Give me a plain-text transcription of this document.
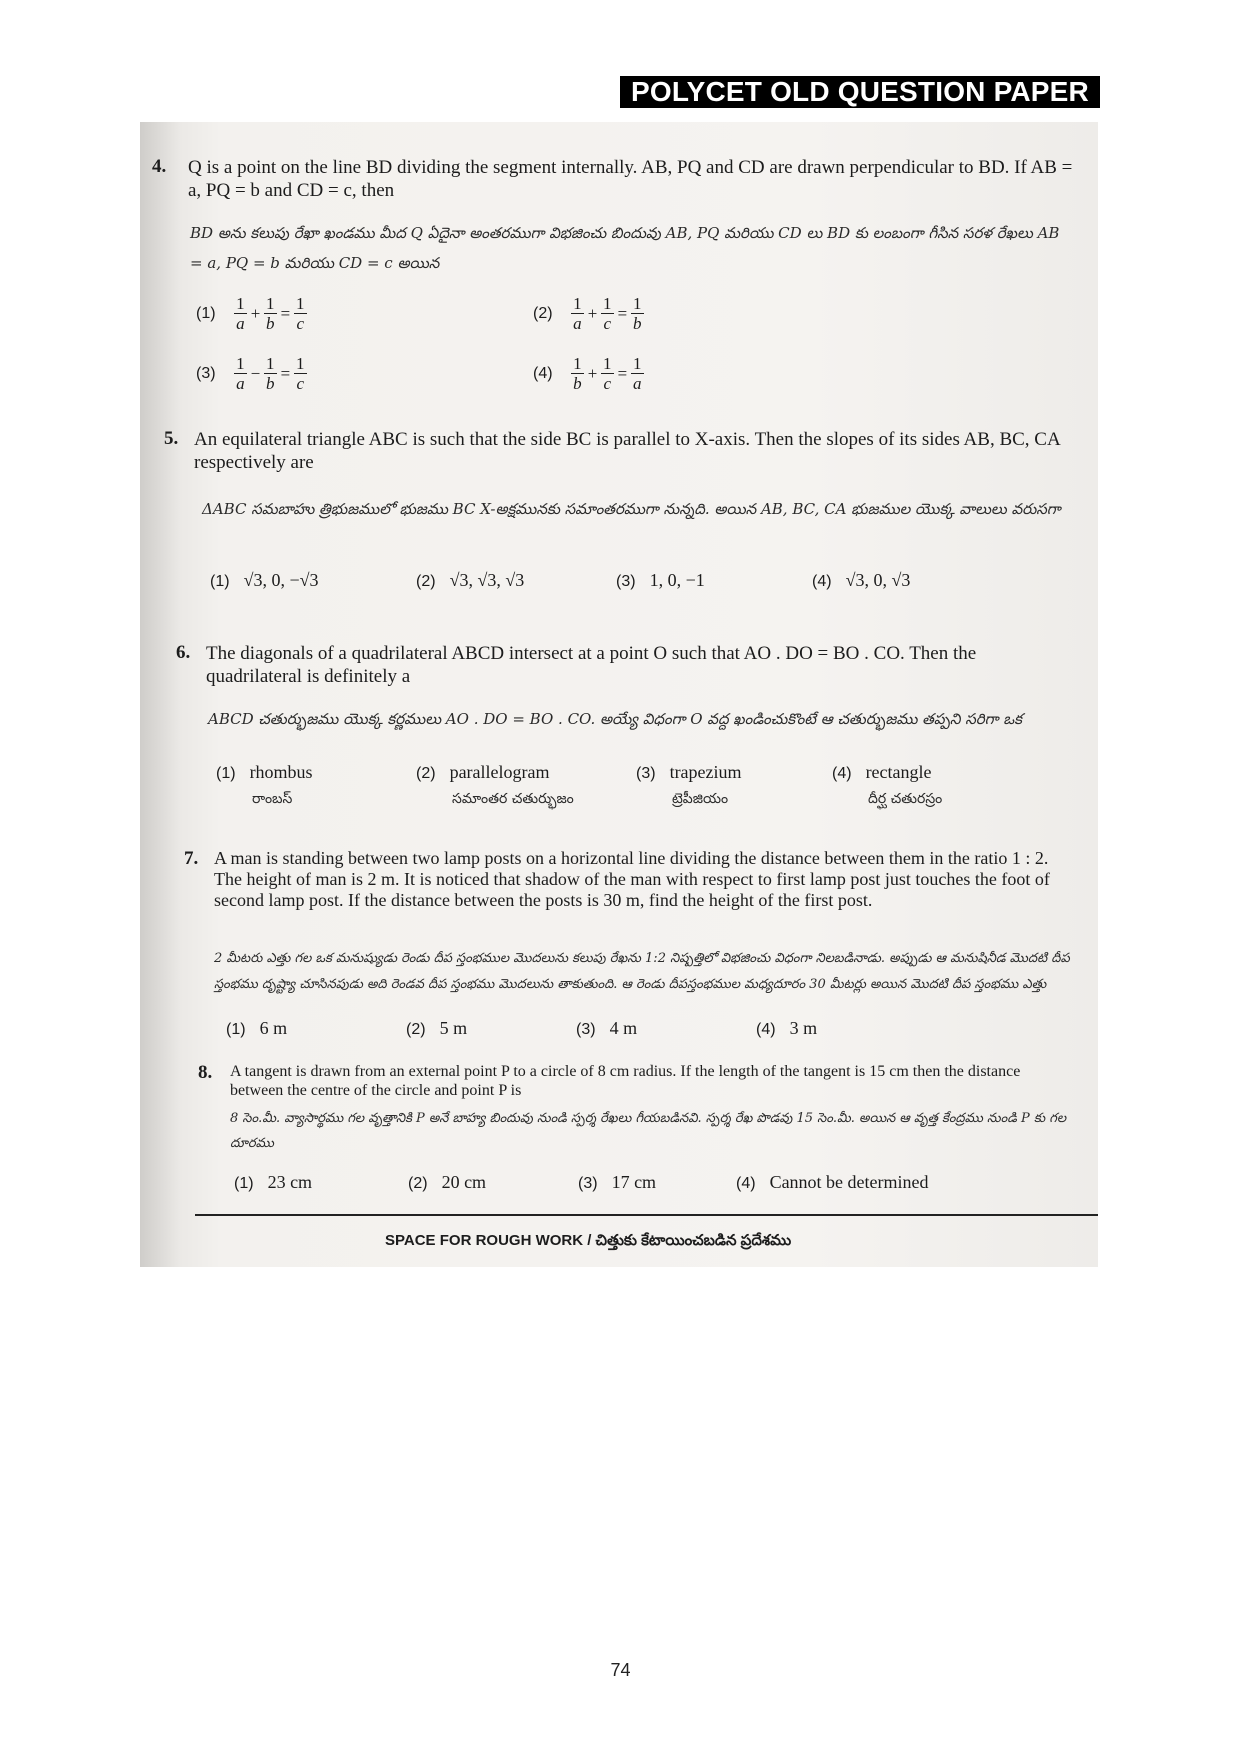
POLYCET OLD QUESTION PAPER
4. Q is a point on the line BD dividing the segment internally. AB, PQ and CD are drawn perpendicular to BD. If AB = a, PQ = b and CD = c, then
BD అను కలుపు రేఖా ఖండము మీద Q ఏదైనా అంతరముగా విభజించు బిందువు AB, PQ మరియు CD లు BD కు లంబంగా గీసిన సరళ రేఖలు AB = a, PQ = b మరియు CD = c అయిన
(1)
1
a
+ $\frac{1}{b} = \frac{1}{c}$	(2)
1
a
+ $\frac{1}{c} = \frac{1}{b}$
(3)
1
a
− $\frac{1}{b} = \frac{1}{c}$	(4)
1
b
+ $\frac{1}{c} = \frac{1}{a}$
5. An equilateral triangle ABC is such that the side BC is parallel to X-axis. Then the slopes of its sides AB, BC, CA respectively are
ΔABC సమబాహు త్రిభుజములో భుజము BC X-అక్షమునకు సమాంతరముగా నున్నది. అయిన AB, BC, CA భుజముల యొక్క వాలులు వరుసగా
(1) √3, 0, −√3	(2) √3, √3, √3	(3) 1, 0, −1	(4) √3, 0, √3
6. The diagonals of a quadrilateral ABCD intersect at a point O such that AO . DO = BO . CO. Then the quadrilateral is definitely a
ABCD చతుర్భుజము యొక్క కర్ణములు AO . DO = BO . CO. అయ్యే విధంగా O వద్ద ఖండించుకొంటే ఆ చతుర్భుజము తప్పని సరిగా ఒక
(1) rhombus
రాంబస్
(2) parallelogram
సమాంతర చతుర్భుజం
(3) trapezium
ట్రెపీజియం
(4) rectangle
దీర్ఘ చతురస్రం
7. A man is standing between two lamp posts on a horizontal line dividing the distance between them in the ratio 1 : 2. The height of man is 2 m. It is noticed that shadow of the man with respect to first lamp post just touches the foot of second lamp post. If the distance between the posts is 30 m, find the height of the first post.
2 మీటరు ఎత్తు గల ఒక మనుష్యుడు రెండు దీప స్తంభముల మొదలును కలుపు రేఖను 1:2 నిష్పత్తిలో విభజించు విధంగా నిలబడినాడు. అప్పుడు ఆ మనుషినీడ మొదటి దీప స్తంభము దృష్ట్యా చూసినపుడు అది రెండవ దీప స్తంభము మొదలును తాకుతుంది. ఆ రెండు దీపస్తంభముల మధ్యదూరం 30 మీటర్లు అయిన మొదటి దీప స్తంభము ఎత్తు
(1) 6 m	(2) 5 m	(3) 4 m	(4) 3 m
8. A tangent is drawn from an external point P to a circle of 8 cm radius. If the length of the tangent is 15 cm then the distance between the centre of the circle and point P is
8 సెం.మీ. వ్యాసార్థము గల వృత్తానికి P అనే బాహ్య బిందువు నుండి స్పర్శ రేఖలు గీయబడినవి. స్పర్శ రేఖ పొడవు 15 సెం.మీ. అయిన ఆ వృత్త కేంద్రము నుండి P కు గల దూరము
(1) 23 cm	(2) 20 cm	(3) 17 cm	(4) Cannot be determined
SPACE FOR ROUGH WORK / చిత్తుకు కేటాయించబడిన ప్రదేశము
74
